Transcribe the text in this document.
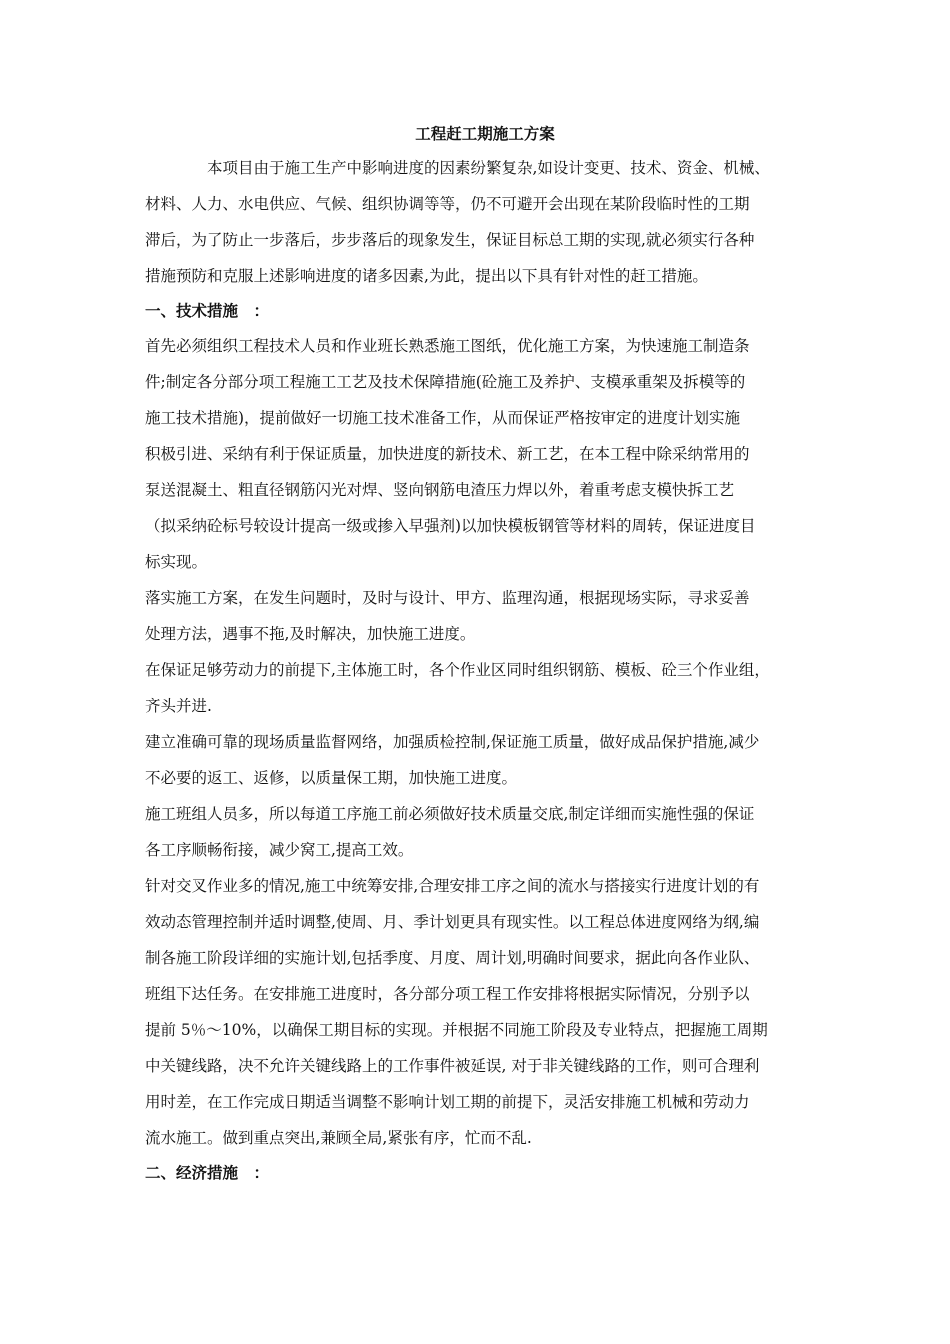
工程赶工期施工方案

本项目由于施工生产中影响进度的因素纷繁复杂,如设计变更、技术、资金、机械、
材料、人力、水电供应、气候、组织协调等等，仍不可避开会出现在某阶段临时性的工期
滞后，为了防止一步落后，步步落后的现象发生，保证目标总工期的实现,就必须实行各种
措施预防和克服上述影响进度的诸多因素,为此，提出以下具有针对性的赶工措施。

一、技术措施　：

首先必须组织工程技术人员和作业班长熟悉施工图纸，优化施工方案，为快速施工制造条
件;制定各分部分项工程施工工艺及技术保障措施(砼施工及养护、支模承重架及拆模等的
施工技术措施)，提前做好一切施工技术准备工作，从而保证严格按审定的进度计划实施

积极引进、采纳有利于保证质量，加快进度的新技术、新工艺，在本工程中除采纳常用的
泵送混凝土、粗直径钢筋闪光对焊、竖向钢筋电渣压力焊以外，着重考虑支模快拆工艺
（拟采纳砼标号较设计提高一级或掺入早强剂)以加快模板钢管等材料的周转，保证进度目
标实现。

落实施工方案，在发生问题时，及时与设计、甲方、监理沟通，根据现场实际，寻求妥善
处理方法，遇事不拖,及时解决，加快施工进度。

在保证足够劳动力的前提下,主体施工时，各个作业区同时组织钢筋、模板、砼三个作业组，
齐头并进.

建立准确可靠的现场质量监督网络，加强质检控制,保证施工质量，做好成品保护措施,减少
不必要的返工、返修，以质量保工期，加快施工进度。

施工班组人员多，所以每道工序施工前必须做好技术质量交底,制定详细而实施性强的保证
各工序顺畅衔接，减少窝工,提高工效。

针对交叉作业多的情况,施工中统筹安排,合理安排工序之间的流水与搭接实行进度计划的有
效动态管理控制并适时调整,使周、月、季计划更具有现实性。以工程总体进度网络为纲,编
制各施工阶段详细的实施计划,包括季度、月度、周计划,明确时间要求，据此向各作业队、
班组下达任务。在安排施工进度时，各分部分项工程工作安排将根据实际情况，分别予以
提前 5％～10%，以确保工期目标的实现。并根据不同施工阶段及专业特点，把握施工周期
中关键线路，决不允许关键线路上的工作事件被延误, 对于非关键线路的工作，则可合理利
用时差，在工作完成日期适当调整不影响计划工期的前提下，灵活安排施工机械和劳动力
流水施工。做到重点突出,兼顾全局,紧张有序，忙而不乱.

二、经济措施　：
